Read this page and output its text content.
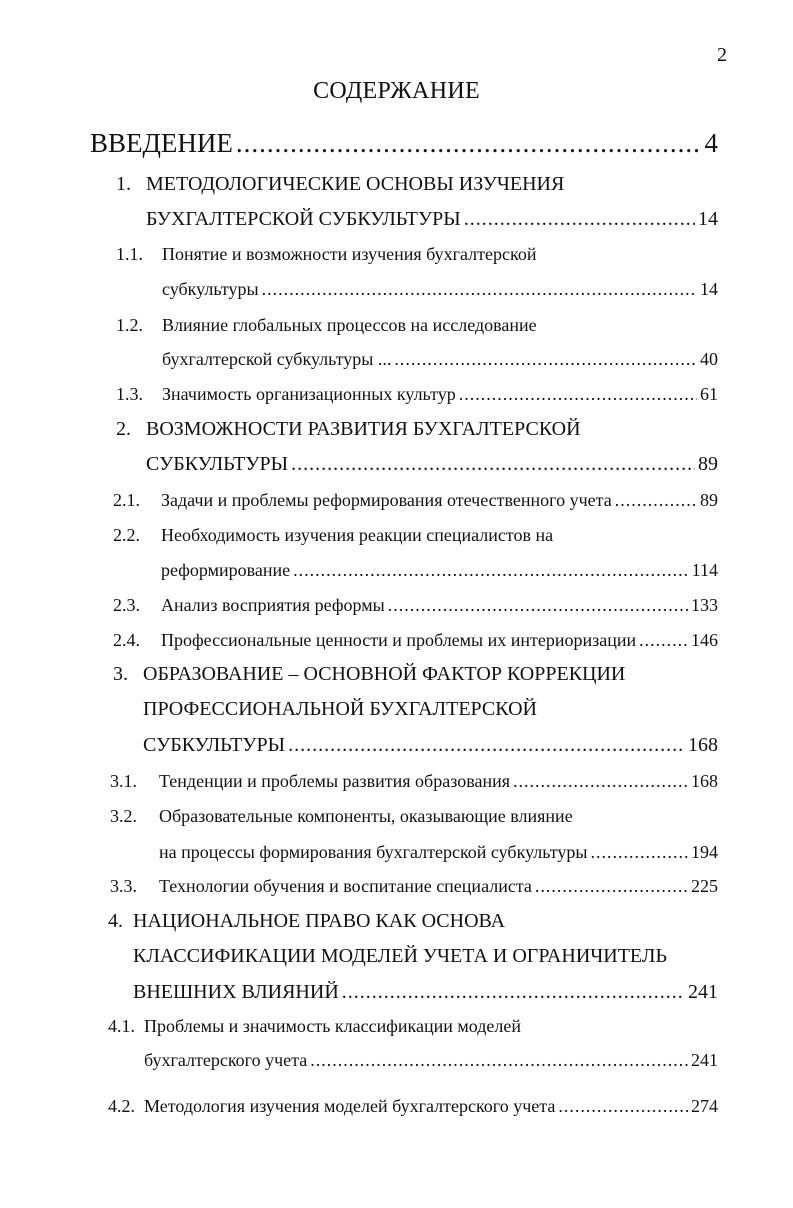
2
СОДЕРЖАНИЕ
ВВЕДЕНИЕ .....	4
1. МЕТОДОЛОГИЧЕСКИЕ ОСНОВЫ ИЗУЧЕНИЯ
БУХГАЛТЕРСКОЙ СУБКУЛЬТУРЫ .....	14
1.1.	Понятие и возможности изучения бухгалтерской
субкультуры .....	14
1.2.	Влияние глобальных процессов на исследование
бухгалтерской субкультуры ... .....	40
1.3.	Значимость организационных культур .....	61
2. ВОЗМОЖНОСТИ РАЗВИТИЯ БУХГАЛТЕРСКОЙ
СУБКУЛЬТУРЫ .....	89
2.1.	Задачи и проблемы реформирования отечественного учета .....	89
2.2.	Необходимость изучения реакции специалистов на
реформирование .....	114
2.3.	Анализ восприятия реформы .....	133
2.4.	Профессиональные ценности и проблемы их интериоризации .....	146
3. ОБРАЗОВАНИЕ – ОСНОВНОЙ ФАКТОР КОРРЕКЦИИ
ПРОФЕССИОНАЛЬНОЙ БУХГАЛТЕРСКОЙ
СУБКУЛЬТУРЫ .....	168
3.1.	Тенденции и проблемы развития образования .....	168
3.2.	Образовательные компоненты, оказывающие влияние
на процессы формирования бухгалтерской субкультуры .....	194
3.3.	Технологии обучения и воспитание специалиста .....	225
4. НАЦИОНАЛЬНОЕ ПРАВО КАК ОСНОВА
КЛАССИФИКАЦИИ МОДЕЛЕЙ УЧЕТА И ОГРАНИЧИТЕЛЬ
ВНЕШНИХ ВЛИЯНИЙ .....	241
4.1. Проблемы и значимость классификации моделей
бухгалтерского учета .....	241
4.2. Методология изучения моделей бухгалтерского учета .....	274
